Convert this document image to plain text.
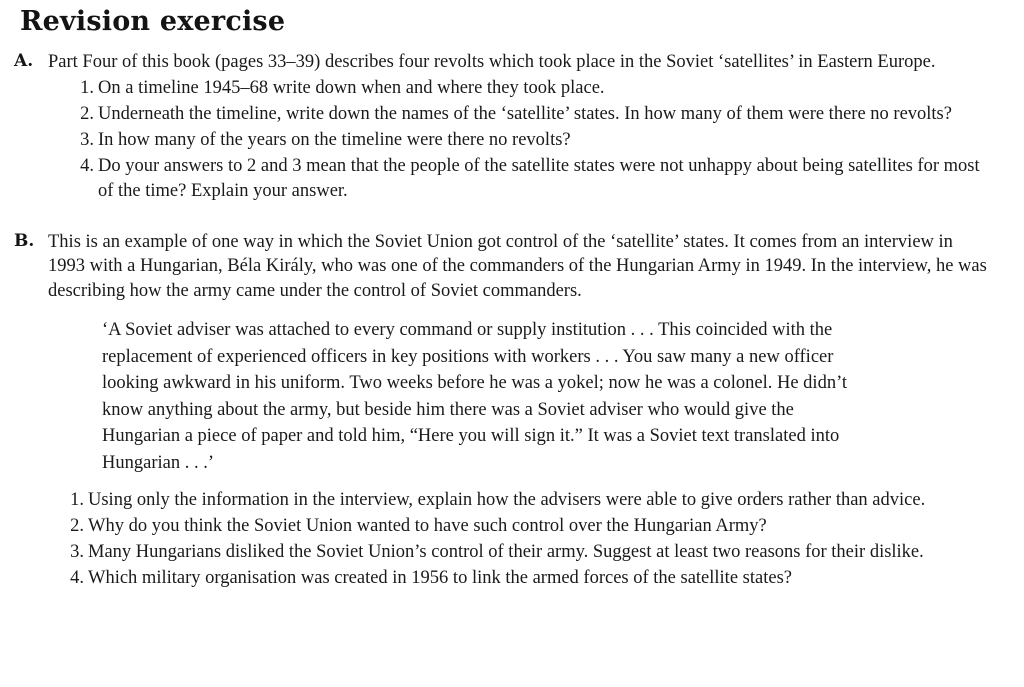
Revision exercise
A. Part Four of this book (pages 33–39) describes four revolts which took place in the Soviet ‘satellites’ in Eastern Europe.

1. On a timeline 1945–68 write down when and where they took place.
2. Underneath the timeline, write down the names of the ‘satellite’ states. In how many of them were there no revolts?
3. In how many of the years on the timeline were there no revolts?
4. Do your answers to 2 and 3 mean that the people of the satellite states were not unhappy about being satellites for most of the time? Explain your answer.
B. This is an example of one way in which the Soviet Union got control of the ‘satellite’ states. It comes from an interview in 1993 with a Hungarian, Béla Király, who was one of the commanders of the Hungarian Army in 1949. In the interview, he was describing how the army came under the control of Soviet commanders.

‘A Soviet adviser was attached to every command or supply institution . . . This coincided with the replacement of experienced officers in key positions with workers . . . You saw many a new officer looking awkward in his uniform. Two weeks before he was a yokel; now he was a colonel. He didn’t know anything about the army, but beside him there was a Soviet adviser who would give the Hungarian a piece of paper and told him, “Here you will sign it.” It was a Soviet text translated into Hungarian . . .’

1. Using only the information in the interview, explain how the advisers were able to give orders rather than advice.
2. Why do you think the Soviet Union wanted to have such control over the Hungarian Army?
3. Many Hungarians disliked the Soviet Union’s control of their army. Suggest at least two reasons for their dislike.
4. Which military organisation was created in 1956 to link the armed forces of the satellite states?
